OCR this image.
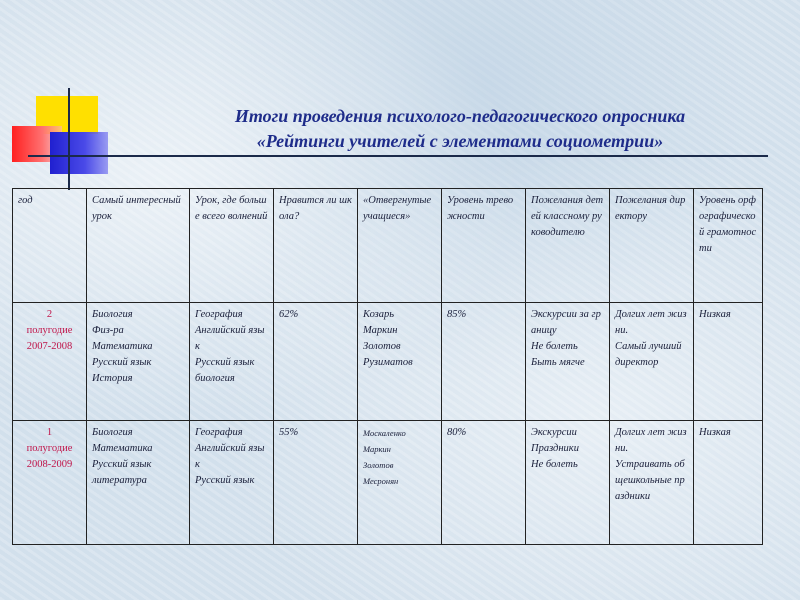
Итоги проведения психолого-педагогического опросника
«Рейтинги учителей с элементами социометрии»
год	Самый интересный урок	Урок, где больше всего волнений	Нравится ли школа?	«Отвергнутые учащиеся»	Уровень тревожности	Пожелания детей классному руководителю	Пожелания директору	Уровень орфографической грамотности

2
полугодие
2007-2008	Биология
Физ-ра
Математика
Русский язык
История	География
Английский язык
Русский язык
биология	62%	Козарь
Маркин
Золотов
Рузиматов	85%	Экскурсии за границу
Не болеть
Быть мягче	Долгих лет жизни.
Самый лучший директор	Низкая

1
полугодие
2008-2009	Биология
Математика
Русский язык
литература	География
Английский язык
Русский язык	55%	Москаленко
Маркин
Золотов
Месронян	80%	Экскурсии
Праздники
Не болеть	Долгих лет жизни.
Устраивать общешкольные праздники	Низкая
